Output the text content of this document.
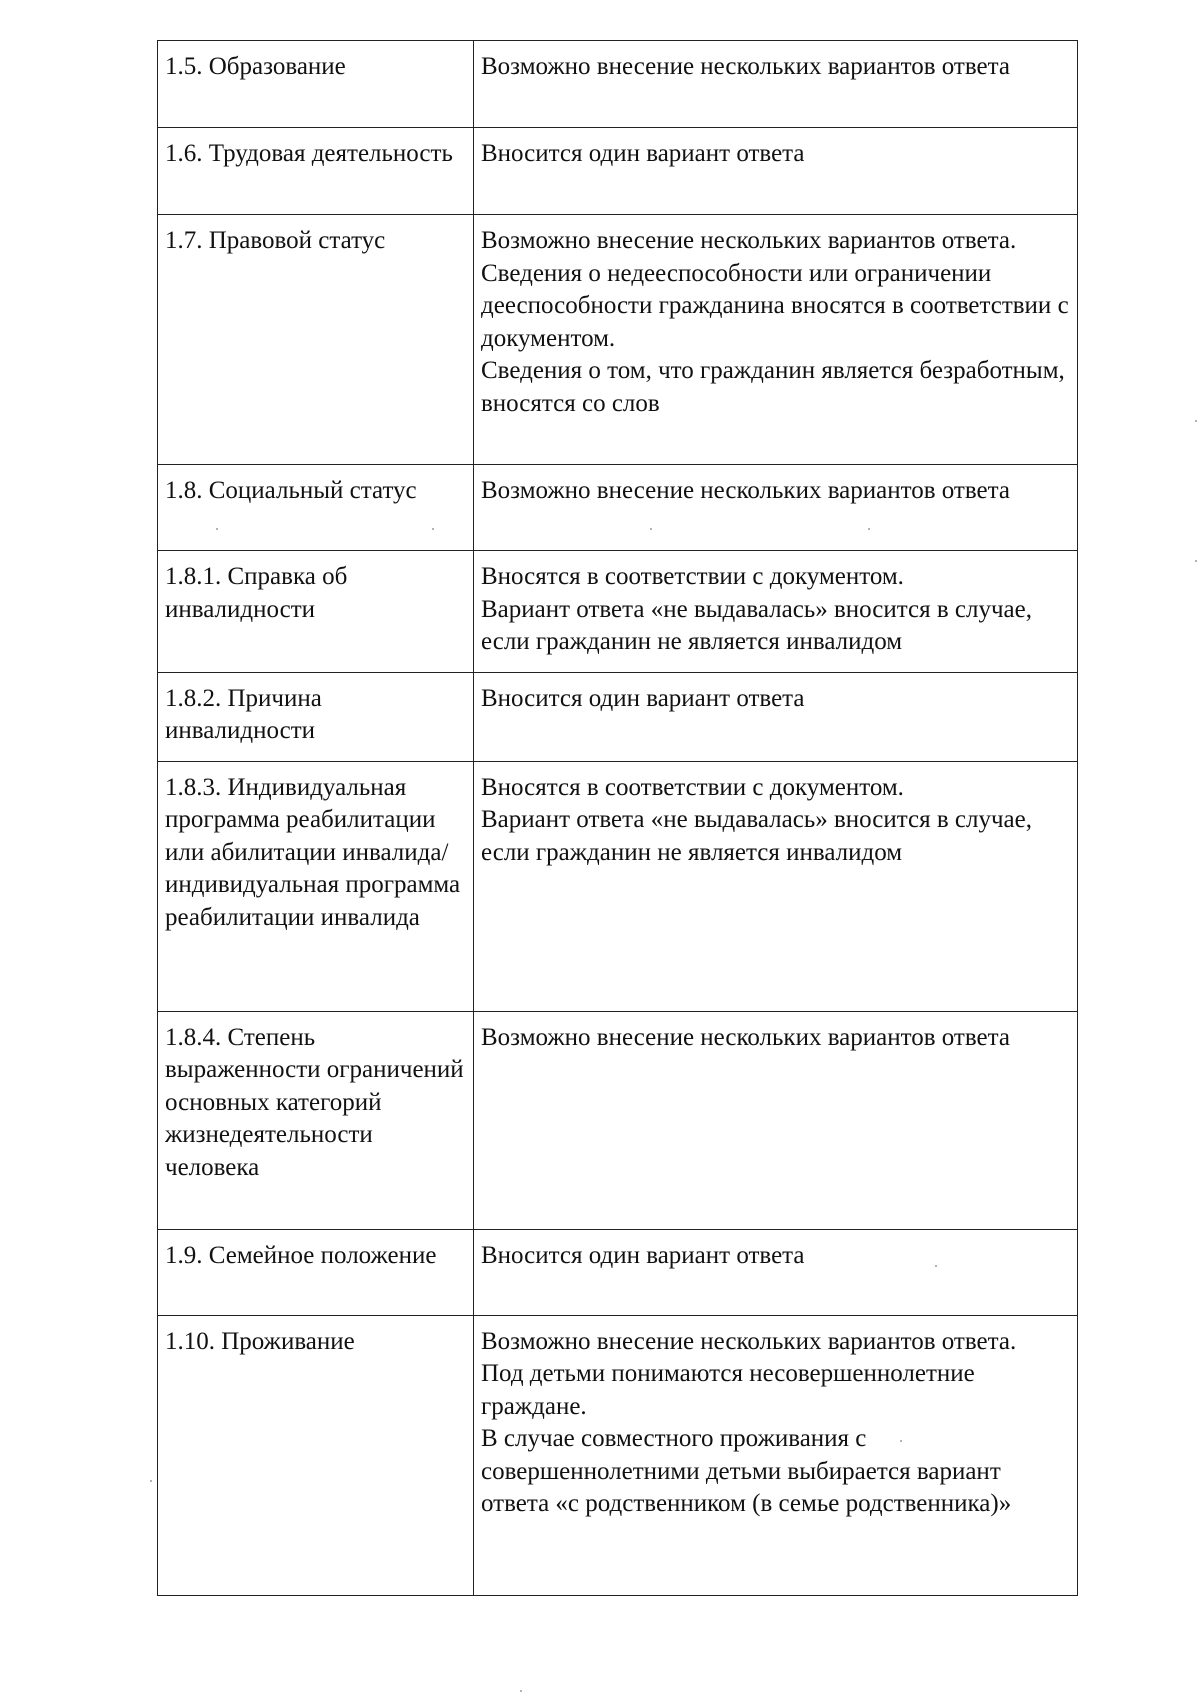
1.5. Образование	Возможно внесение нескольких вариантов ответа

1.6. Трудовая деятельность	Вносится один вариант ответа

1.7. Правовой статус	Возможно внесение нескольких вариантов ответа.
Сведения о недееспособности или ограничении дееспособности гражданина вносятся в соответствии с документом.
Сведения о том, что гражданин является безработным, вносятся со слов

1.8. Социальный статус	Возможно внесение нескольких вариантов ответа

1.8.1. Справка об инвалидности	Вносятся в соответствии с документом.
Вариант ответа «не выдавалась» вносится в случае, если гражданин не является инвалидом

1.8.2. Причина инвалидности	Вносится один вариант ответа

1.8.3. Индивидуальная программа реабилитации или абилитации инвалида/ индивидуальная программа реабилитации инвалида	Вносятся в соответствии с документом.
Вариант ответа «не выдавалась» вносится в случае, если гражданин не является инвалидом

1.8.4. Степень выраженности ограничений основных категорий жизнедеятельности человека	Возможно внесение нескольких вариантов ответа

1.9. Семейное положение	Вносится один вариант ответа

1.10. Проживание	Возможно внесение нескольких вариантов ответа.
Под детьми понимаются несовершеннолетние граждане.
В случае совместного проживания с совершеннолетними детьми выбирается вариант ответа «с родственником (в семье родственника)»
